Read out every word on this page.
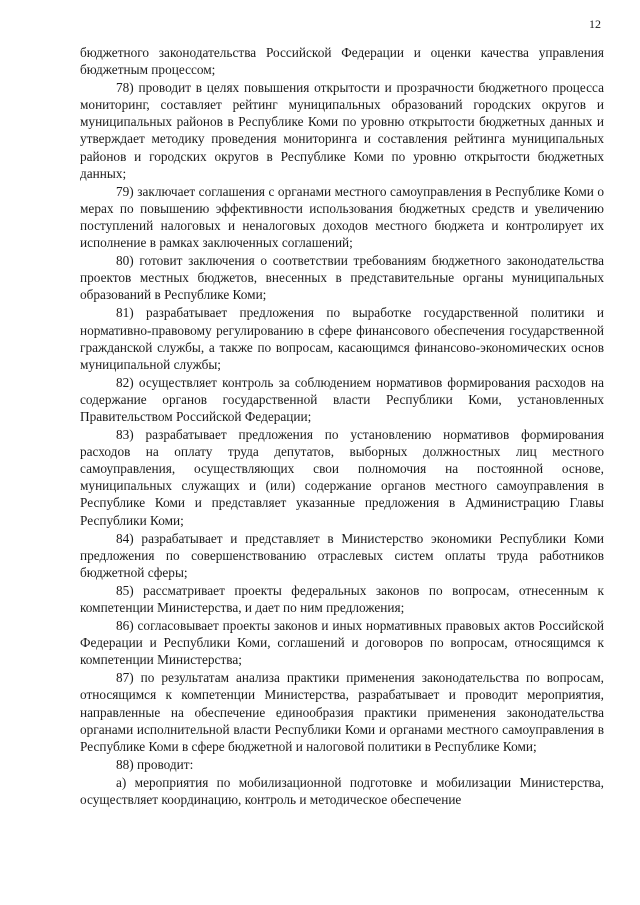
12

бюджетного законодательства Российской Федерации и оценки качества управления бюджетным процессом;

78) проводит в целях повышения открытости и прозрачности бюджетного процесса мониторинг, составляет рейтинг муниципальных образований городских округов и муниципальных районов в Республике Коми по уровню открытости бюджетных данных и утверждает методику проведения мониторинга и составления рейтинга муниципальных районов и городских округов в Республике Коми по уровню открытости бюджетных данных;

79) заключает соглашения с органами местного самоуправления в Республике Коми о мерах по повышению эффективности использования бюджетных средств и увеличению поступлений налоговых и неналоговых доходов местного бюджета и контролирует их исполнение в рамках заключенных соглашений;

80) готовит заключения о соответствии требованиям бюджетного законодательства проектов местных бюджетов, внесенных в представительные органы муниципальных образований в Республике Коми;

81) разрабатывает предложения по выработке государственной политики и нормативно-правовому регулированию в сфере финансового обеспечения государственной гражданской службы, а также по вопросам, касающимся финансово-экономических основ муниципальной службы;

82) осуществляет контроль за соблюдением нормативов формирования расходов на содержание органов государственной власти Республики Коми, установленных Правительством Российской Федерации;

83) разрабатывает предложения по установлению нормативов формирования расходов на оплату труда депутатов, выборных должностных лиц местного самоуправления, осуществляющих свои полномочия на постоянной основе, муниципальных служащих и (или) содержание органов местного самоуправления в Республике Коми и представляет указанные предложения в Администрацию Главы Республики Коми;

84) разрабатывает и представляет в Министерство экономики Республики Коми предложения по совершенствованию отраслевых систем оплаты труда работников бюджетной сферы;

85) рассматривает проекты федеральных законов по вопросам, отнесенным к компетенции Министерства, и дает по ним предложения;

86) согласовывает проекты законов и иных нормативных правовых актов Российской Федерации и Республики Коми, соглашений и договоров по вопросам, относящимся к компетенции Министерства;

87) по результатам анализа практики применения законодательства по вопросам, относящимся к компетенции Министерства, разрабатывает и проводит мероприятия, направленные на обеспечение единообразия практики применения законодательства органами исполнительной власти Республики Коми и органами местного самоуправления в Республике Коми в сфере бюджетной и налоговой политики в Республике Коми;

88) проводит:

а) мероприятия по мобилизационной подготовке и мобилизации Министерства, осуществляет координацию, контроль и методическое обеспечение
